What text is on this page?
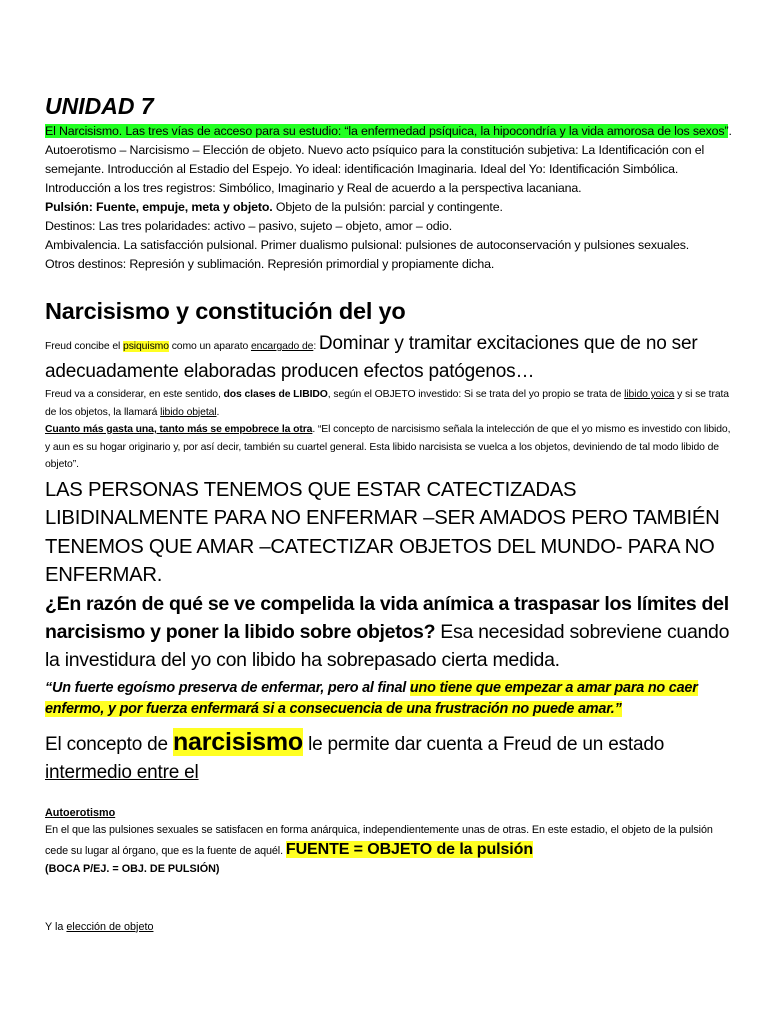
UNIDAD 7

El Narcisismo. Las tres vías de acceso para su estudio: “la enfermedad psíquica, la hipocondría y la vida amorosa de los sexos”. Autoerotismo – Narcisismo – Elección de objeto. Nuevo acto psíquico para la constitución subjetiva: La Identificación con el semejante. Introducción al Estadio del Espejo. Yo ideal: identificación Imaginaria. Ideal del Yo: Identificación Simbólica. Introducción a los tres registros: Simbólico, Imaginario y Real de acuerdo a la perspectiva lacaniana.

Pulsión: Fuente, empuje, meta y objeto. Objeto de la pulsión: parcial y contingente.

Destinos: Las tres polaridades: activo – pasivo, sujeto – objeto, amor – odio.

Ambivalencia. La satisfacción pulsional. Primer dualismo pulsional: pulsiones de autoconservación y pulsiones sexuales.

Otros destinos: Represión y sublimación. Represión primordial y propiamente dicha.

Narcisismo y constitución del yo

Freud concibe el psiquismo como un aparato encargado de: Dominar y tramitar excitaciones que de no ser adecuadamente elaboradas producen efectos patógenos…

Freud va a considerar, en este sentido, dos clases de LIBIDO, según el OBJETO investido: Si se trata del yo propio se trata de libido yoica y si se trata de los objetos, la llamará libido objetal.

Cuanto más gasta una, tanto más se empobrece la otra. “El concepto de narcisismo señala la intelección de que el yo mismo es investido con libido, y aun es su hogar originario y, por así decir, también su cuartel general. Esta libido narcisista se vuelca a los objetos, deviniendo de tal modo libido de objeto”.

LAS PERSONAS TENEMOS QUE ESTAR CATECTIZADAS LIBIDINALMENTE PARA NO ENFERMAR –SER AMADOS PERO TAMBIÉN TENEMOS QUE AMAR –CATECTIZAR OBJETOS DEL MUNDO- PARA NO ENFERMAR.

¿En razón de qué se ve compelida la vida anímica a traspasar los límites del narcisismo y poner la libido sobre objetos? Esa necesidad sobreviene cuando la investidura del yo con libido ha sobrepasado cierta medida.

“Un fuerte egoísmo preserva de enfermar, pero al final uno tiene que empezar a amar para no caer enfermo, y por fuerza enfermará si a consecuencia de una frustración no puede amar.”

El concepto de narcisismo le permite dar cuenta a Freud de un estado
intermedio entre el

Autoerotismo

En el que las pulsiones sexuales se satisfacen en forma anárquica, independientemente unas de otras. En este estadio, el objeto de la pulsión cede su lugar al órgano, que es la fuente de aquél. FUENTE = OBJETO de la pulsión

(BOCA P/EJ. = OBJ. DE PULSIÓN)

Y la elección de objeto
